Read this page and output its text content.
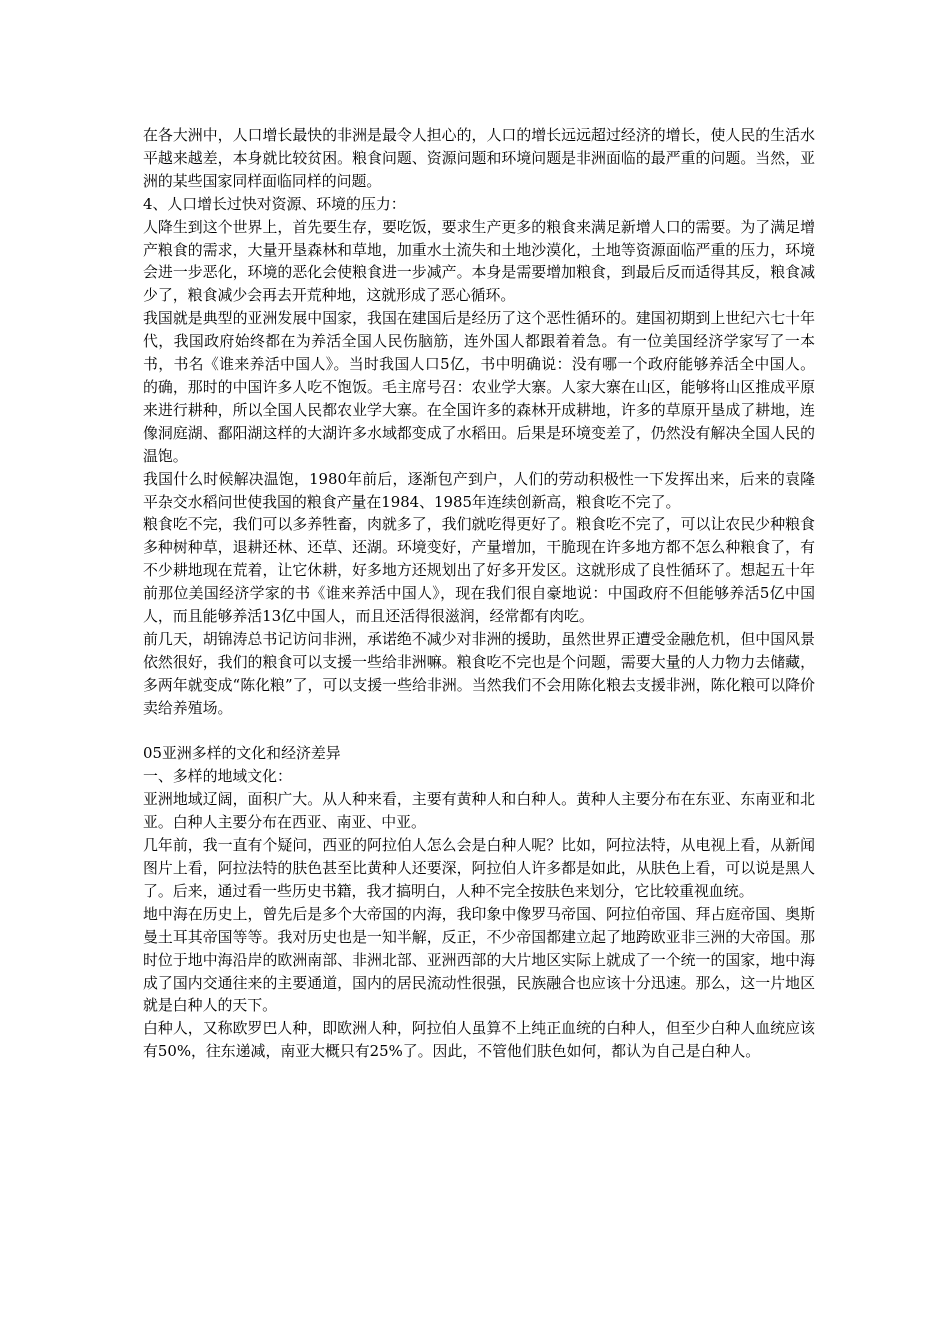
在各大洲中，人口增长最快的非洲是最令人担心的，人口的增长远远超过经济的增长，使人民的生活水平越来越差，本身就比较贫困。粮食问题、资源问题和环境问题是非洲面临的最严重的问题。当然，亚洲的某些国家同样面临同样的问题。

4、人口增长过快对资源、环境的压力：

人降生到这个世界上，首先要生存，要吃饭，要求生产更多的粮食来满足新增人口的需要。为了满足增产粮食的需求，大量开垦森林和草地，加重水土流失和土地沙漠化，土地等资源面临严重的压力，环境会进一步恶化，环境的恶化会使粮食进一步减产。本身是需要增加粮食，到最后反而适得其反，粮食减少了，粮食减少会再去开荒种地，这就形成了恶心循环。

我国就是典型的亚洲发展中国家，我国在建国后是经历了这个恶性循环的。建国初期到上世纪六七十年代，我国政府始终都在为养活全国人民伤脑筋，连外国人都跟着着急。有一位美国经济学家写了一本书，书名《谁来养活中国人》。当时我国人口5亿，书中明确说：没有哪一个政府能够养活全中国人。的确，那时的中国许多人吃不饱饭。毛主席号召：农业学大寨。人家大寨在山区，能够将山区推成平原来进行耕种，所以全国人民都农业学大寨。在全国许多的森林开成耕地，许多的草原开垦成了耕地，连像洞庭湖、鄱阳湖这样的大湖许多水域都变成了水稻田。后果是环境变差了，仍然没有解决全国人民的温饱。

我国什么时候解决温饱，1980年前后，逐渐包产到户，人们的劳动积极性一下发挥出来，后来的袁隆平杂交水稻问世使我国的粮食产量在1984、1985年连续创新高，粮食吃不完了。

粮食吃不完，我们可以多养牲畜，肉就多了，我们就吃得更好了。粮食吃不完了，可以让农民少种粮食多种树种草，退耕还林、还草、还湖。环境变好，产量增加，干脆现在许多地方都不怎么种粮食了，有不少耕地现在荒着，让它休耕，好多地方还规划出了好多开发区。这就形成了良性循环了。想起五十年前那位美国经济学家的书《谁来养活中国人》，现在我们很自豪地说：中国政府不但能够养活5亿中国人，而且能够养活13亿中国人，而且还活得很滋润，经常都有肉吃。

前几天，胡锦涛总书记访问非洲，承诺绝不减少对非洲的援助，虽然世界正遭受金融危机，但中国风景依然很好，我们的粮食可以支援一些给非洲嘛。粮食吃不完也是个问题，需要大量的人力物力去储藏，多两年就变成“陈化粮”了，可以支援一些给非洲。当然我们不会用陈化粮去支援非洲，陈化粮可以降价卖给养殖场。

05亚洲多样的文化和经济差异

一、多样的地域文化：

亚洲地域辽阔，面积广大。从人种来看，主要有黄种人和白种人。黄种人主要分布在东亚、东南亚和北亚。白种人主要分布在西亚、南亚、中亚。

几年前，我一直有个疑问，西亚的阿拉伯人怎么会是白种人呢？比如，阿拉法特，从电视上看，从新闻图片上看，阿拉法特的肤色甚至比黄种人还要深，阿拉伯人许多都是如此，从肤色上看，可以说是黑人了。后来，通过看一些历史书籍，我才搞明白，人种不完全按肤色来划分，它比较重视血统。

地中海在历史上，曾先后是多个大帝国的内海，我印象中像罗马帝国、阿拉伯帝国、拜占庭帝国、奥斯曼土耳其帝国等等。我对历史也是一知半解，反正，不少帝国都建立起了地跨欧亚非三洲的大帝国。那时位于地中海沿岸的欧洲南部、非洲北部、亚洲西部的大片地区实际上就成了一个统一的国家，地中海成了国内交通往来的主要通道，国内的居民流动性很强，民族融合也应该十分迅速。那么，这一片地区就是白种人的天下。

白种人，又称欧罗巴人种，即欧洲人种，阿拉伯人虽算不上纯正血统的白种人，但至少白种人血统应该有50%，往东递减，南亚大概只有25%了。因此，不管他们肤色如何，都认为自己是白种人。
